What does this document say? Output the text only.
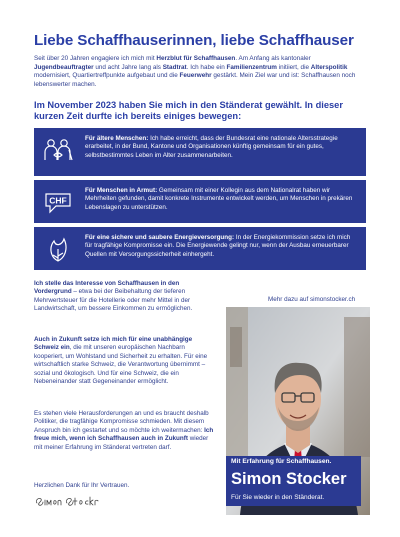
Liebe Schaffhauserinnen, liebe Schaffhauser

Seit über 20 Jahren engagiere ich mich mit Herzblut für Schaffhausen. Am Anfang als kantonaler Jugendbeauftragter und acht Jahre lang als Stadtrat. Ich habe ein Familienzentrum initiiert, die Alterspolitik modernisiert, Quartiertreffpunkte aufgebaut und die Feuerwehr gestärkt. Mein Ziel war und ist: Schaffhausen noch lebenswerter machen.

Im November 2023 haben Sie mich in den Ständerat gewählt. In dieser kurzen Zeit durfte ich bereits einiges bewegen:

Für ältere Menschen: Ich habe erreicht, dass der Bundesrat eine nationale Altersstrategie erarbeitet, in der Bund, Kantone und Organisationen künftig gemeinsam für ein gutes, selbstbestimmtes Leben im Alter zusammenarbeiten.

CHF

Für Menschen in Armut: Gemeinsam mit einer Kollegin aus dem Nationalrat haben wir Mehrheiten gefunden, damit konkrete Instrumente entwickelt werden, um Menschen in prekären Lebenslagen zu unterstützen.

Für eine sichere und saubere Energieversorgung: In der Energiekommission setze ich mich für tragfähige Kompromisse ein. Die Energiewende gelingt nur, wenn der Ausbau erneuerbarer Quellen mit Versorgungssicherheit einhergeht.

Ich stelle das Interesse von Schaffhausen in den Vordergrund – etwa bei der Beibehaltung der tieferen Mehrwertsteuer für die Hotellerie oder mehr Mittel in der Landwirtschaft, um bessere Einkommen zu ermöglichen.

Auch in Zukunft setze ich mich für eine unabhängige Schweiz ein, die mit unseren europäischen Nachbarn kooperiert, um Wohlstand und Sicherheit zu erhalten. Für eine wirtschaftlich starke Schweiz, die Verantwortung übernimmt – sozial und ökologisch. Und für eine Schweiz, die ein Nebeneinander statt Gegeneinander ermöglicht.

Es stehen viele Herausforderungen an und es braucht deshalb Politiker, die tragfähige Kompromisse schmieden. Mit diesem Anspruch bin ich gestartet und so möchte ich weitermachen: Ich freue mich, wenn ich Schaffhausen auch in Zukunft wieder mit meiner Erfahrung im Ständerat vertreten darf.

Herzlichen Dank für Ihr Vertrauen.

Mehr dazu auf simonstocker.ch
Mit Erfahrung für Schaffhausen.
Simon Stocker
Für Sie wieder in den Ständerat.
